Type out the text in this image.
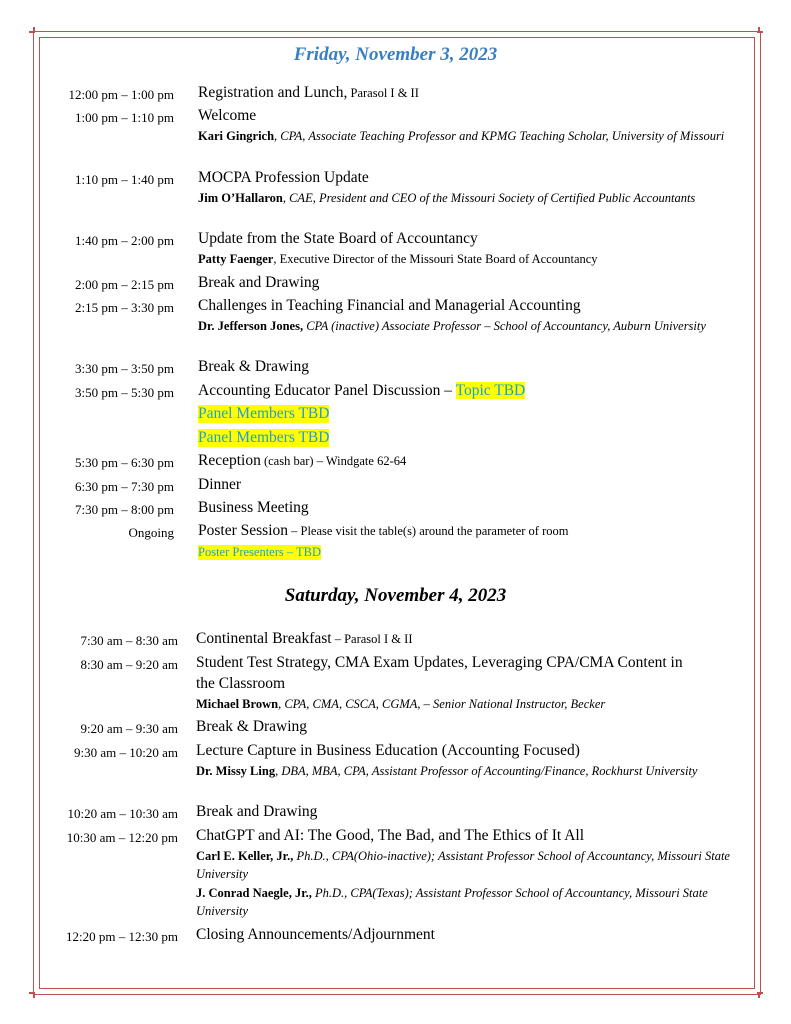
Friday, November 3, 2023
12:00 pm – 1:00 pm Registration and Lunch, Parasol I & II
1:00 pm – 1:10 pm Welcome
Kari Gingrich, CPA, Associate Teaching Professor and KPMG Teaching Scholar, University of Missouri
1:10 pm – 1:40 pm MOCPA Profession Update
Jim O’Hallaron, CAE, President and CEO of the Missouri Society of Certified Public Accountants
1:40 pm – 2:00 pm Update from the State Board of Accountancy
Patty Faenger, Executive Director of the Missouri State Board of Accountancy
2:00 pm – 2:15 pm Break and Drawing
2:15 pm – 3:30 pm Challenges in Teaching Financial and Managerial Accounting
Dr. Jefferson Jones, CPA (inactive) Associate Professor – School of Accountancy, Auburn University
3:30 pm – 3:50 pm Break & Drawing
3:50 pm – 5:30 pm Accounting Educator Panel Discussion – Topic TBD
Panel Members TBD
Panel Members TBD
5:30 pm – 6:30 pm Reception (cash bar) – Windgate 62-64
6:30 pm – 7:30 pm Dinner
7:30 pm – 8:00 pm Business Meeting
Ongoing Poster Session – Please visit the table(s) around the parameter of room
Poster Presenters – TBD
Saturday, November 4, 2023
7:30 am – 8:30 am Continental Breakfast – Parasol I & II
8:30 am – 9:20 am Student Test Strategy, CMA Exam Updates, Leveraging CPA/CMA Content in
the Classroom
Michael Brown, CPA, CMA, CSCA, CGMA, – Senior National Instructor, Becker
9:20 am – 9:30 am Break & Drawing
9:30 am – 10:20 am Lecture Capture in Business Education (Accounting Focused)
Dr. Missy Ling, DBA, MBA, CPA, Assistant Professor of Accounting/Finance, Rockhurst University
10:20 am – 10:30 am Break and Drawing
10:30 am – 12:20 pm ChatGPT and AI: The Good, The Bad, and The Ethics of It All
Carl E. Keller, Jr., Ph.D., CPA(Ohio-inactive); Assistant Professor School of Accountancy, Missouri State University
J. Conrad Naegle, Jr., Ph.D., CPA(Texas); Assistant Professor School of Accountancy, Missouri State University
12:20 pm – 12:30 pm Closing Announcements/Adjournment
